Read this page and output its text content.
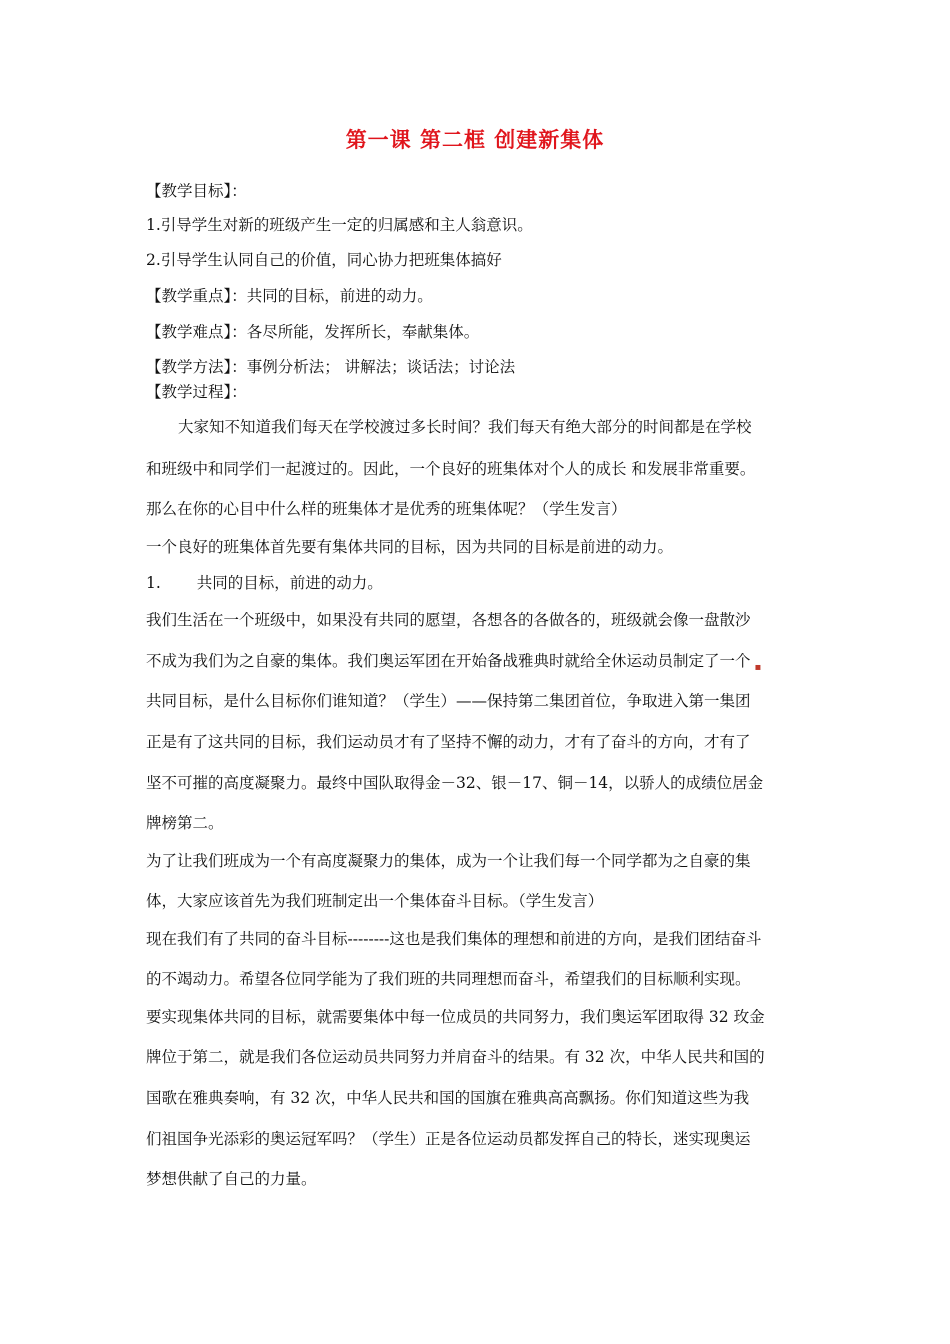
第一课 第二框 创建新集体
【教学目标】：
1.引导学生对新的班级产生一定的归属感和主人翁意识。
2.引导学生认同自己的价值，同心协力把班集体搞好
【教学重点】：共同的目标，前进的动力。
【教学难点】：各尽所能，发挥所长，奉献集体。
【教学方法】：事例分析法； 讲解法；谈话法；讨论法
【教学过程】：
大家知不知道我们每天在学校渡过多长时间？我们每天有绝大部分的时间都是在学校
和班级中和同学们一起渡过的。因此，一个良好的班集体对个人的成长 和发展非常重要。
那么在你的心目中什么样的班集体才是优秀的班集体呢？（学生发言）
一个良好的班集体首先要有集体共同的目标，因为共同的目标是前进的动力。
1. 共同的目标，前进的动力。
我们生活在一个班级中，如果没有共同的愿望，各想各的各做各的，班级就会像一盘散沙
不成为我们为之自豪的集体。我们奥运军团在开始备战雅典时就给全休运动员制定了一个 $_▪$
共同目标，是什么目标你们谁知道？（学生）——保持第二集团首位，争取进入第一集团
正是有了这共同的目标，我们运动员才有了坚持不懈的动力，才有了奋斗的方向，才有了
坚不可摧的高度凝聚力。最终中国队取得金－32、银－17、铜－14，以骄人的成绩位居金
牌榜第二。
为了让我们班成为一个有高度凝聚力的集体，成为一个让我们每一个同学都为之自豪的集
体，大家应该首先为我们班制定出一个集体奋斗目标。（学生发言）
现在我们有了共同的奋斗目标--------这也是我们集体的理想和前进的方向，是我们团结奋斗
的不竭动力。希望各位同学能为了我们班的共同理想而奋斗，希望我们的目标顺利实现。
要实现集体共同的目标，就需要集体中每一位成员的共同努力，我们奥运军团取得 32 玫金
牌位于第二，就是我们各位运动员共同努力并肩奋斗的结果。有 32 次，中华人民共和国的
国歌在雅典奏响，有 32 次，中华人民共和国的国旗在雅典高高飘扬。你们知道这些为我
们祖国争光添彩的奥运冠军吗？（学生）正是各位运动员都发挥自己的特长，迷实现奥运
梦想供献了自己的力量。
